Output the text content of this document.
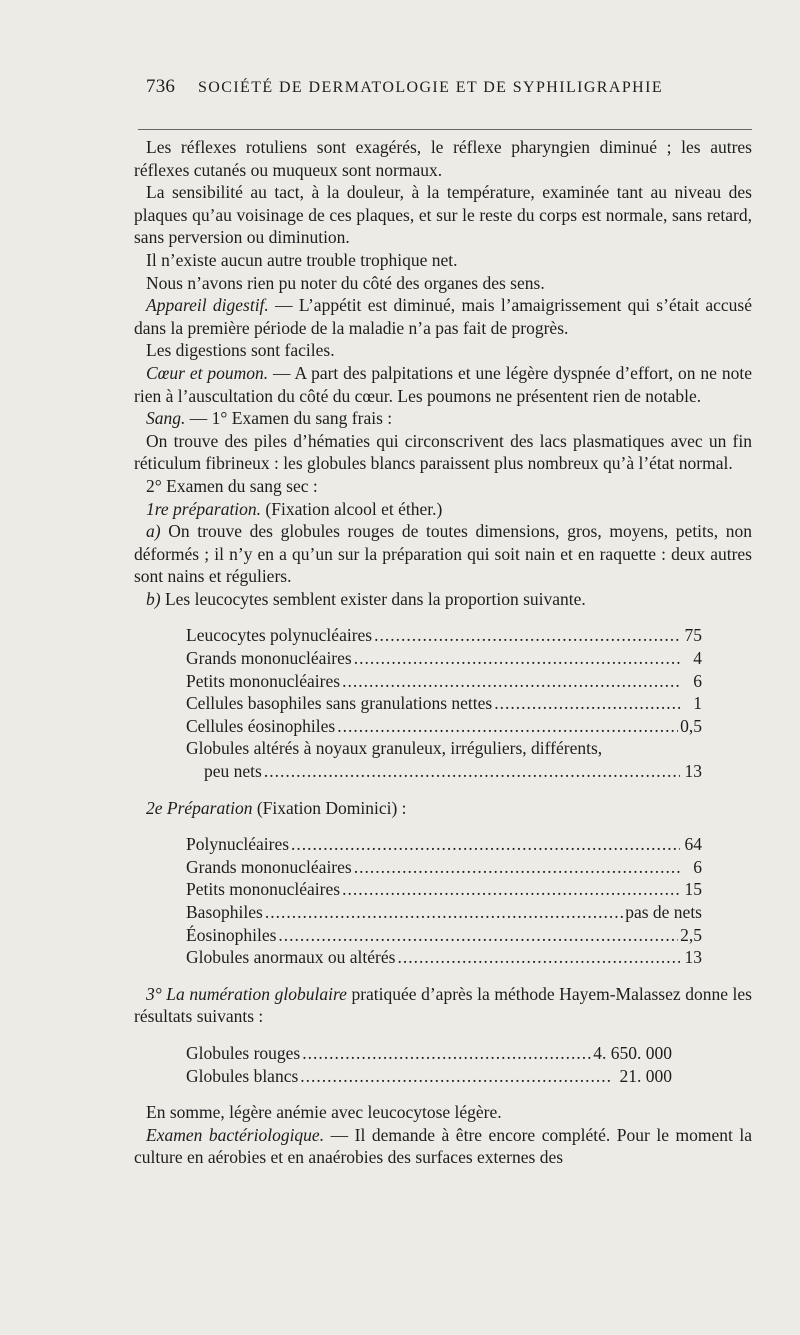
736 SOCIÉTÉ DE DERMATOLOGIE ET DE SYPHILIGRAPHIE

Les réflexes rotuliens sont exagérés, le réflexe pharyngien diminué ; les autres réflexes cutanés ou muqueux sont normaux.

La sensibilité au tact, à la douleur, à la température, examinée tant au niveau des plaques qu’au voisinage de ces plaques, et sur le reste du corps est normale, sans retard, sans perversion ou diminution.

Il n’existe aucun autre trouble trophique net.

Nous n’avons rien pu noter du côté des organes des sens.

Appareil digestif. — L’appétit est diminué, mais l’amaigrissement qui s’était accusé dans la première période de la maladie n’a pas fait de progrès.

Les digestions sont faciles.

Cœur et poumon. — A part des palpitations et une légère dyspnée d’effort, on ne note rien à l’auscultation du côté du cœur. Les poumons ne présentent rien de notable.

Sang. — 1° Examen du sang frais :

On trouve des piles d’hématies qui circonscrivent des lacs plasmatiques avec un fin réticulum fibrineux : les globules blancs paraissent plus nombreux qu’à l’état normal.

2° Examen du sang sec :

1re préparation. (Fixation alcool et éther.)

a) On trouve des globules rouges de toutes dimensions, gros, moyens, petits, non déformés ; il n’y en a qu’un sur la préparation qui soit nain et en raquette : deux autres sont nains et réguliers.

b) Les leucocytes semblent exister dans la proportion suivante.

Leucocytes polynucléaires .....	75
Grands mononucléaires .....	4
Petits mononucléaires .....	6
Cellules basophiles sans granulations nettes .....	1
Cellules éosinophiles .....	0,5
Globules altérés à noyaux granuleux, irréguliers, différents,
peu nets .....	13

2e Préparation (Fixation Dominici) :

Polynucléaires .....	64
Grands mononucléaires .....	6
Petits mononucléaires .....	15
Basophiles .....	pas de nets
Éosinophiles .....	2,5
Globules anormaux ou altérés .....	13

3° La numération globulaire pratiquée d’après la méthode Hayem-Malassez donne les résultats suivants :

Globules rouges .....	4. 650. 000
Globules blancs .....	21. 000

En somme, légère anémie avec leucocytose légère.

Examen bactériologique. — Il demande à être encore complété. Pour le moment la culture en aérobies et en anaérobies des surfaces externes des
